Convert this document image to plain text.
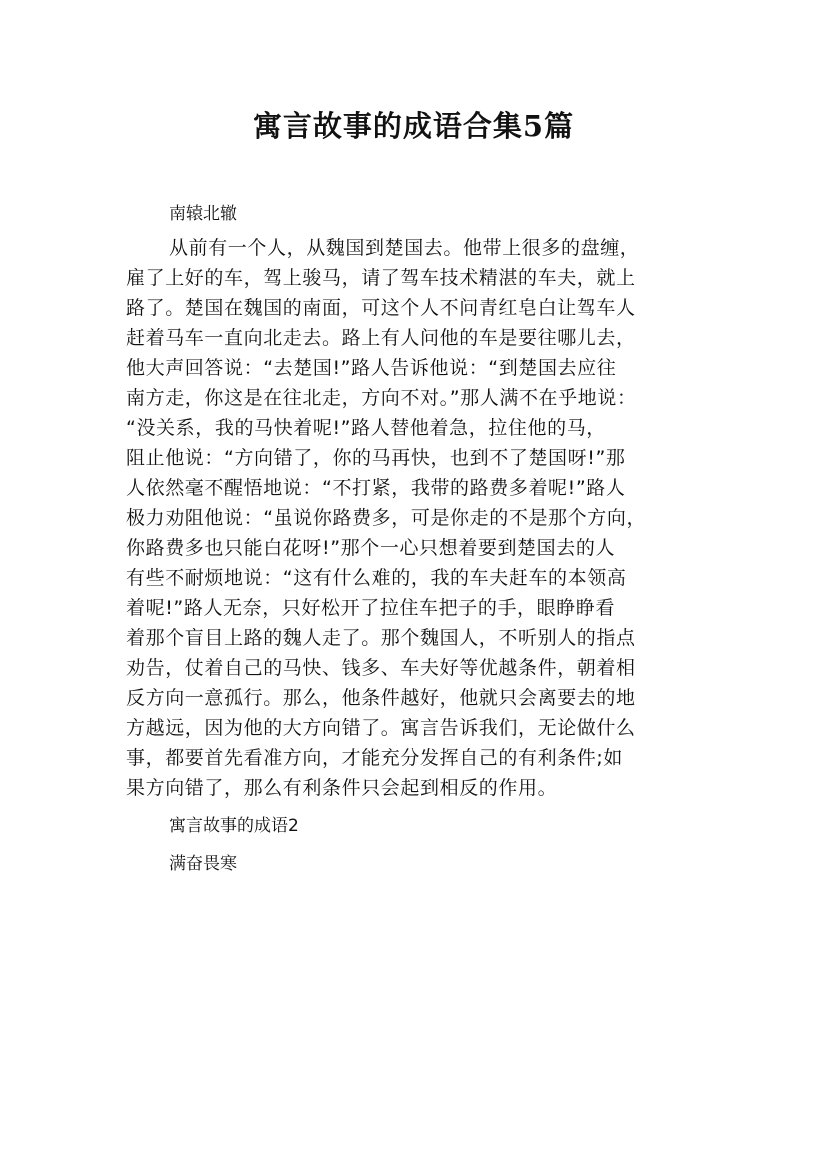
寓言故事的成语合集5篇

南辕北辙

从前有一个人，从魏国到楚国去。他带上很多的盘缠，

雇了上好的车，驾上骏马，请了驾车技术精湛的车夫，就上

路了。楚国在魏国的南面，可这个人不问青红皂白让驾车人

赶着马车一直向北走去。路上有人问他的车是要往哪儿去，

他大声回答说：“去楚国!”路人告诉他说：“到楚国去应往

南方走，你这是在往北走，方向不对。”那人满不在乎地说：

“没关系，我的马快着呢!”路人替他着急，拉住他的马，

阻止他说：“方向错了，你的马再快，也到不了楚国呀!”那

人依然毫不醒悟地说：“不打紧，我带的路费多着呢!”路人

极力劝阻他说：“虽说你路费多，可是你走的不是那个方向，

你路费多也只能白花呀!”那个一心只想着要到楚国去的人

有些不耐烦地说：“这有什么难的，我的车夫赶车的本领高

着呢!”路人无奈，只好松开了拉住车把子的手，眼睁睁看

着那个盲目上路的魏人走了。那个魏国人，不听别人的指点

劝告，仗着自己的马快、钱多、车夫好等优越条件，朝着相

反方向一意孤行。那么，他条件越好，他就只会离要去的地

方越远，因为他的大方向错了。寓言告诉我们，无论做什么

事，都要首先看准方向，才能充分发挥自己的有利条件;如

果方向错了，那么有利条件只会起到相反的作用。

寓言故事的成语2

满奋畏寒
